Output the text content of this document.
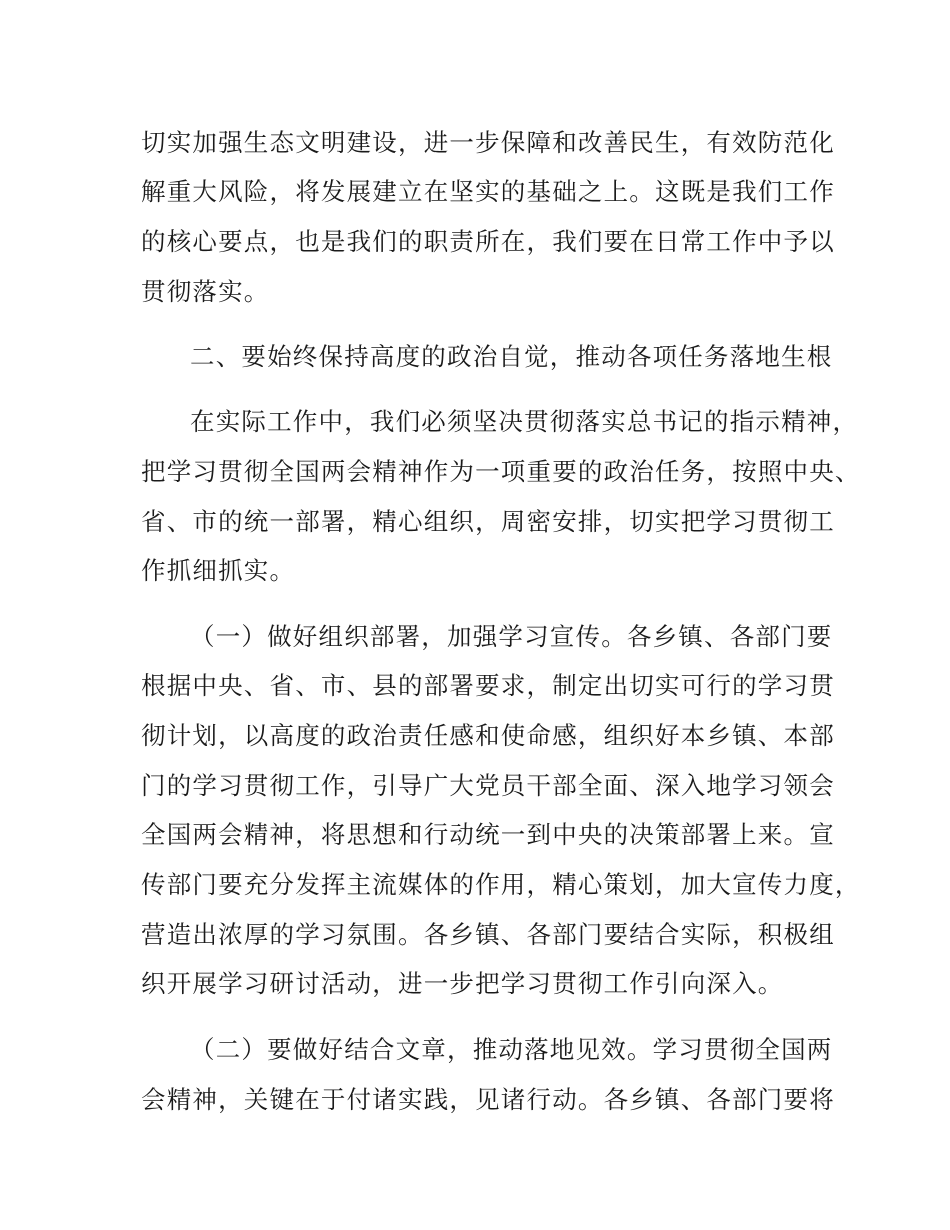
切实加强生态文明建设，进一步保障和改善民生，有效防范化
解重大风险，将发展建立在坚实的基础之上。这既是我们工作
的核心要点，也是我们的职责所在，我们要在日常工作中予以
贯彻落实。
二、要始终保持高度的政治自觉，推动各项任务落地生根
在实际工作中，我们必须坚决贯彻落实总书记的指示精神，
把学习贯彻全国两会精神作为一项重要的政治任务，按照中央、
省、市的统一部署，精心组织，周密安排，切实把学习贯彻工
作抓细抓实。
（一）做好组织部署，加强学习宣传。各乡镇、各部门要
根据中央、省、市、县的部署要求，制定出切实可行的学习贯
彻计划，以高度的政治责任感和使命感，组织好本乡镇、本部
门的学习贯彻工作，引导广大党员干部全面、深入地学习领会
全国两会精神，将思想和行动统一到中央的决策部署上来。宣
传部门要充分发挥主流媒体的作用，精心策划，加大宣传力度，
营造出浓厚的学习氛围。各乡镇、各部门要结合实际，积极组
织开展学习研讨活动，进一步把学习贯彻工作引向深入。
（二）要做好结合文章，推动落地见效。学习贯彻全国两
会精神，关键在于付诸实践，见诸行动。各乡镇、各部门要将
